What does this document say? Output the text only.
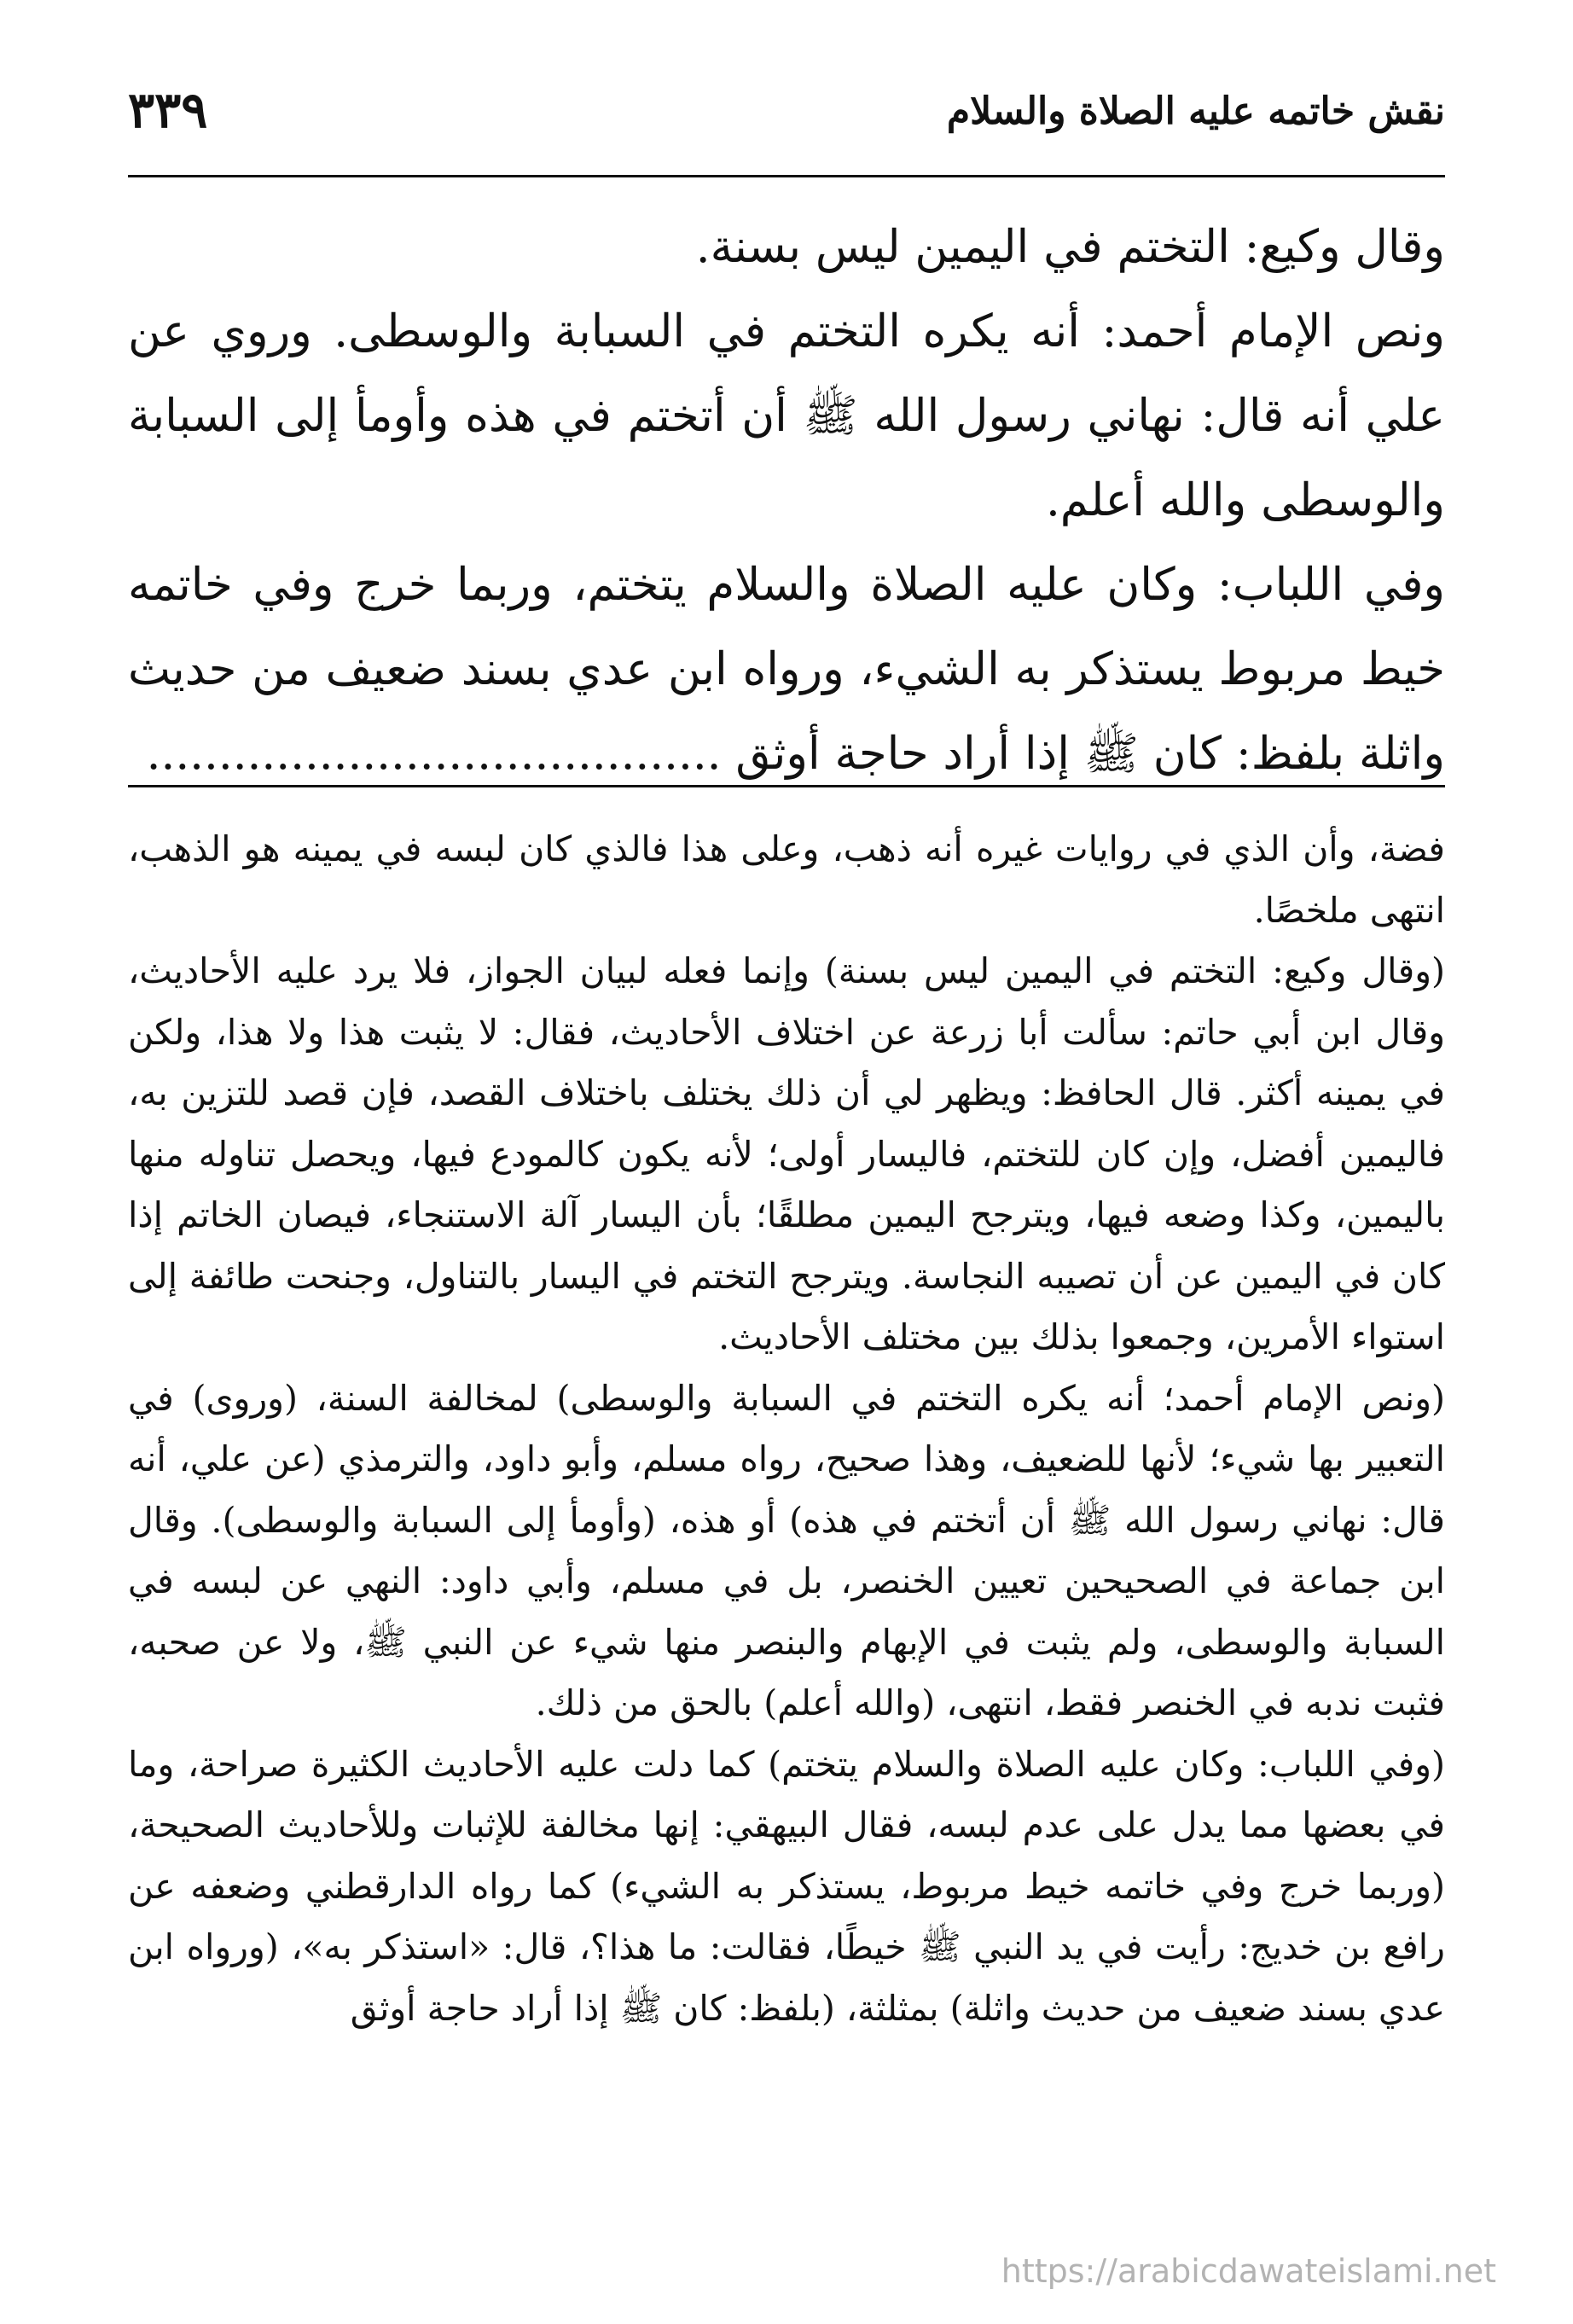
نقش خاتمه عليه الصلاة والسلام
٣٣٩

وقال وكيع: التختم في اليمين ليس بسنة.

ونص الإمام أحمد: أنه يكره التختم في السبابة والوسطى. وروي عن علي أنه قال: نهاني رسول الله ﷺ أن أتختم في هذه وأومأ إلى السبابة والوسطى والله أعلم.

وفي اللباب: وكان عليه الصلاة والسلام يتختم، وربما خرج وفي خاتمه خيط مربوط يستذكر به الشيء، ورواه ابن عدي بسند ضعيف من حديث واثلة بلفظ: كان ﷺ إذا أراد حاجة أوثق ........................................

فضة، وأن الذي في روايات غيره أنه ذهب، وعلى هذا فالذي كان لبسه في يمينه هو الذهب، انتهى ملخصًا.

(وقال وكيع: التختم في اليمين ليس بسنة) وإنما فعله لبيان الجواز، فلا يرد عليه الأحاديث، وقال ابن أبي حاتم: سألت أبا زرعة عن اختلاف الأحاديث، فقال: لا يثبت هذا ولا هذا، ولكن في يمينه أكثر. قال الحافظ: ويظهر لي أن ذلك يختلف باختلاف القصد، فإن قصد للتزين به، فاليمين أفضل، وإن كان للتختم، فاليسار أولى؛ لأنه يكون كالمودع فيها، ويحصل تناوله منها باليمين، وكذا وضعه فيها، ويترجح اليمين مطلقًا؛ بأن اليسار آلة الاستنجاء، فيصان الخاتم إذا كان في اليمين عن أن تصيبه النجاسة. ويترجح التختم في اليسار بالتناول، وجنحت طائفة إلى استواء الأمرين، وجمعوا بذلك بين مختلف الأحاديث.

(ونص الإمام أحمد؛ أنه يكره التختم في السبابة والوسطى) لمخالفة السنة، (وروى) في التعبير بها شيء؛ لأنها للضعيف، وهذا صحيح، رواه مسلم، وأبو داود، والترمذي (عن علي، أنه قال: نهاني رسول الله ﷺ أن أتختم في هذه) أو هذه، (وأومأ إلى السبابة والوسطى). وقال ابن جماعة في الصحيحين تعيين الخنصر، بل في مسلم، وأبي داود: النهي عن لبسه في السبابة والوسطى، ولم يثبت في الإبهام والبنصر منها شيء عن النبي ﷺ، ولا عن صحبه، فثبت ندبه في الخنصر فقط، انتهى، (والله أعلم) بالحق من ذلك.

(وفي اللباب: وكان عليه الصلاة والسلام يتختم) كما دلت عليه الأحاديث الكثيرة صراحة، وما في بعضها مما يدل على عدم لبسه، فقال البيهقي: إنها مخالفة للإثبات وللأحاديث الصحيحة، (وربما خرج وفي خاتمه خيط مربوط، يستذكر به الشيء) كما رواه الدارقطني وضعفه عن رافع بن خديج: رأيت في يد النبي ﷺ خيطًا، فقالت: ما هذا؟، قال: «استذكر به»، (ورواه ابن عدي بسند ضعيف من حديث واثلة) بمثلثة، (بلفظ: كان ﷺ إذا أراد حاجة أوثق

https://arabicdawateislami.net
